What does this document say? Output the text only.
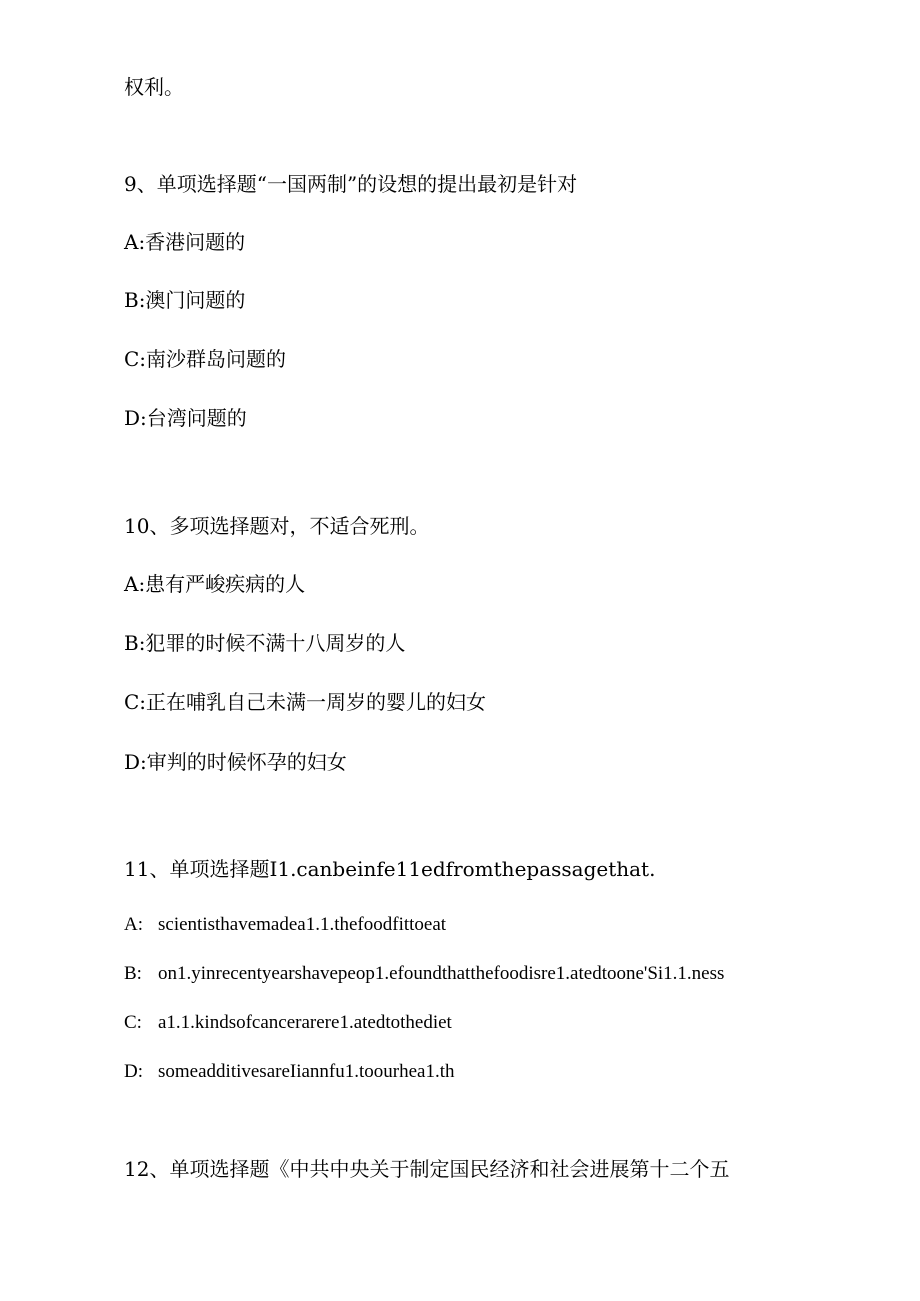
权利。
9、单项选择题“一国两制”的设想的提出最初是针对
A:香港问题的
B:澳门问题的
C:南沙群岛问题的
D:台湾问题的
10、多项选择题对，不适合死刑。
A:患有严峻疾病的人
B:犯罪的时候不满十八周岁的人
C:正在哺乳自己未满一周岁的婴儿的妇女
D:审判的时候怀孕的妇女
11、单项选择题I1.canbeinfe11edfromthepassagethat.
A: scientisthavemadea1.1.thefoodfittoeat
B: on1.yinrecentyearshavepeop1.efoundthatthefoodisre1.atedtoone'Si1.1.ness
C: a1.1.kindsofcancerarere1.atedtothediet
D: someadditivesareIiannfu1.toourhea1.th
12、单项选择题《中共中央关于制定国民经济和社会进展第十二个五
